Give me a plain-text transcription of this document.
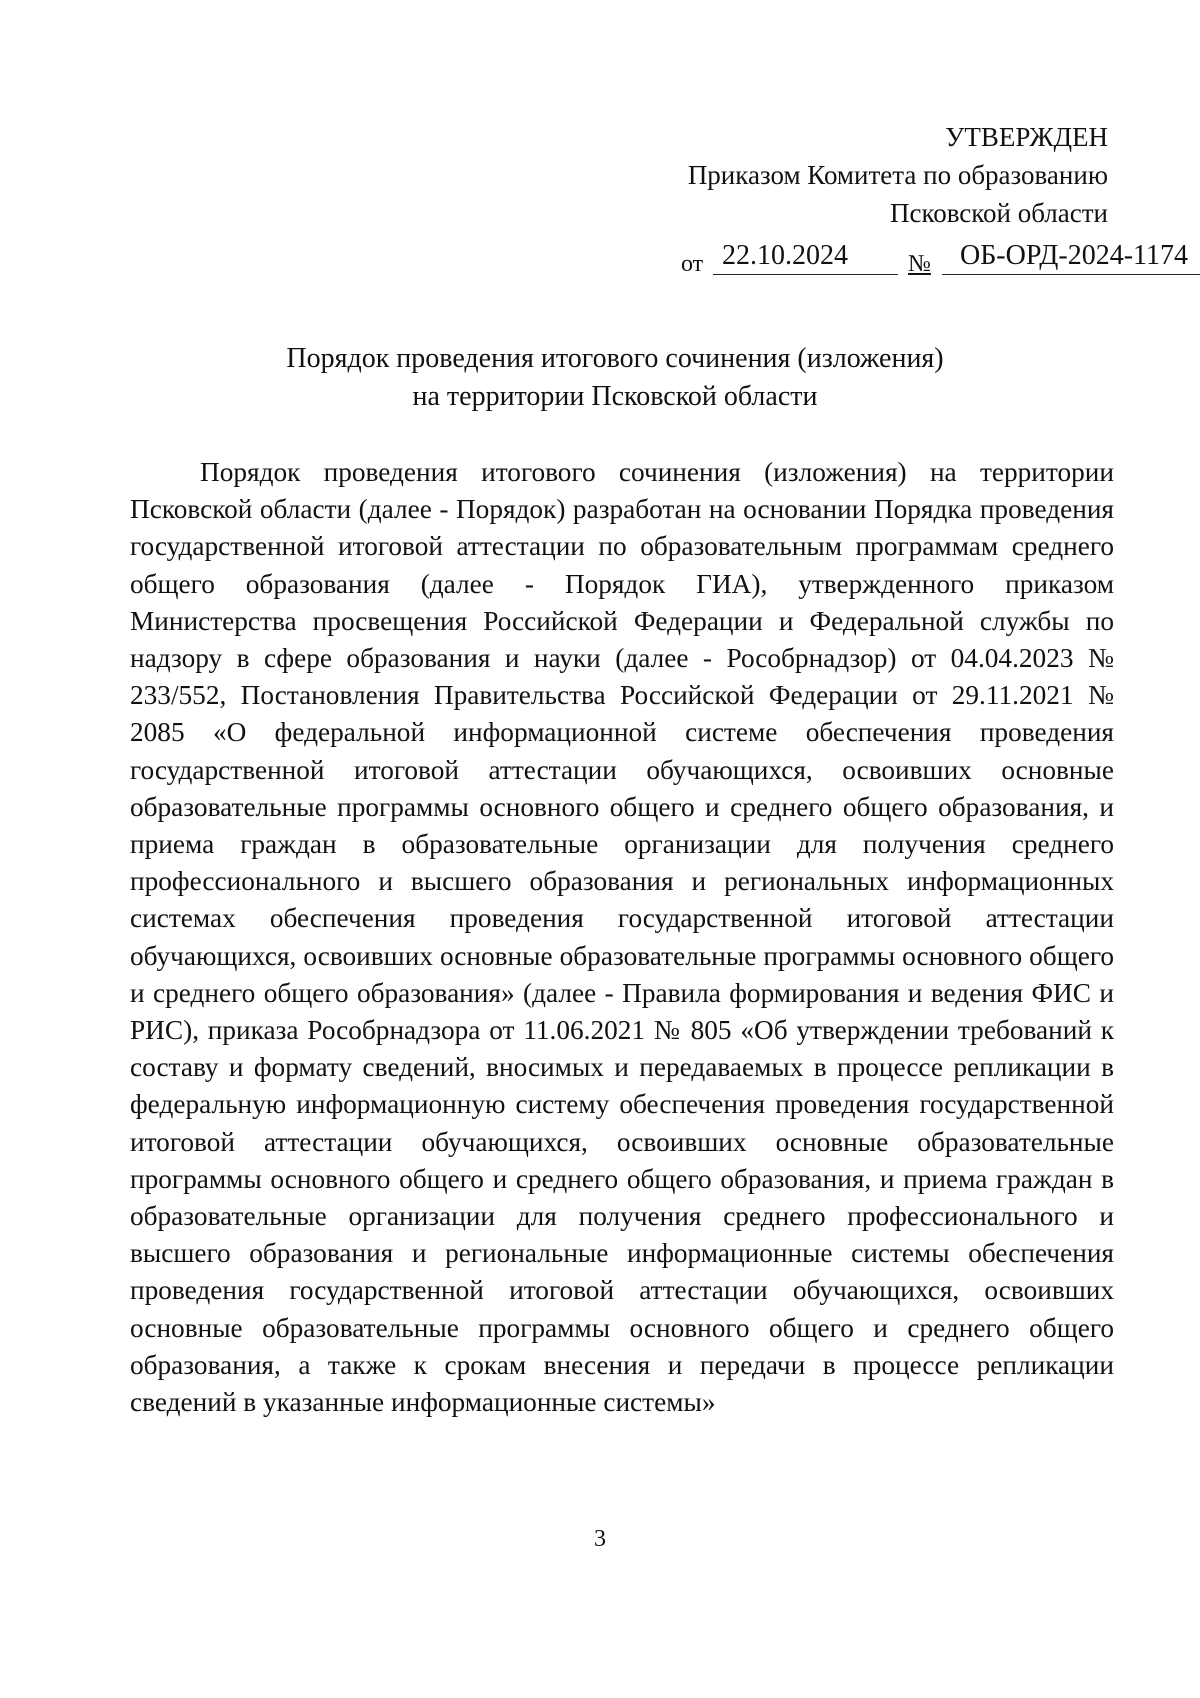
УТВЕРЖДЕН
Приказом Комитета по образованию
Псковской области
от 22.10.2024	№	ОБ-ОРД-2024-1174
Порядок проведения итогового сочинения (изложения)
на территории Псковской области

Порядок проведения итогового сочинения (изложения) на территории Псковской области (далее - Порядок) разработан на основании Порядка проведения государственной итоговой аттестации по образовательным программам среднего общего образования (далее - Порядок ГИА), утвержденного приказом Министерства просвещения Российской Федерации и Федеральной службы по надзору в сфере образования и науки (далее - Рособрнадзор) от 04.04.2023 № 233/552, Постановления Правительства Российской Федерации от 29.11.2021 № 2085 «О федеральной информационной системе обеспечения проведения государственной итоговой аттестации обучающихся, освоивших основные образовательные программы основного общего и среднего общего образования, и приема граждан в образовательные организации для получения среднего профессионального и высшего образования и региональных информационных системах обеспечения проведения государственной итоговой аттестации обучающихся, освоивших основные образовательные программы основного общего и среднего общего образования» (далее - Правила формирования и ведения ФИС и РИС), приказа Рособрнадзора от 11.06.2021 № 805 «Об утверждении требований к составу и формату сведений, вносимых и передаваемых в процессе репликации в федеральную информационную систему обеспечения проведения государственной итоговой аттестации обучающихся, освоивших основные образовательные программы основного общего и среднего общего образования, и приема граждан в образовательные организации для получения среднего профессионального и высшего образования и региональные информационные системы обеспечения проведения государственной итоговой аттестации обучающихся, освоивших основные образовательные программы основного общего и среднего общего образования, а также к срокам внесения и передачи в процессе репликации сведений в указанные информационные системы»

3
